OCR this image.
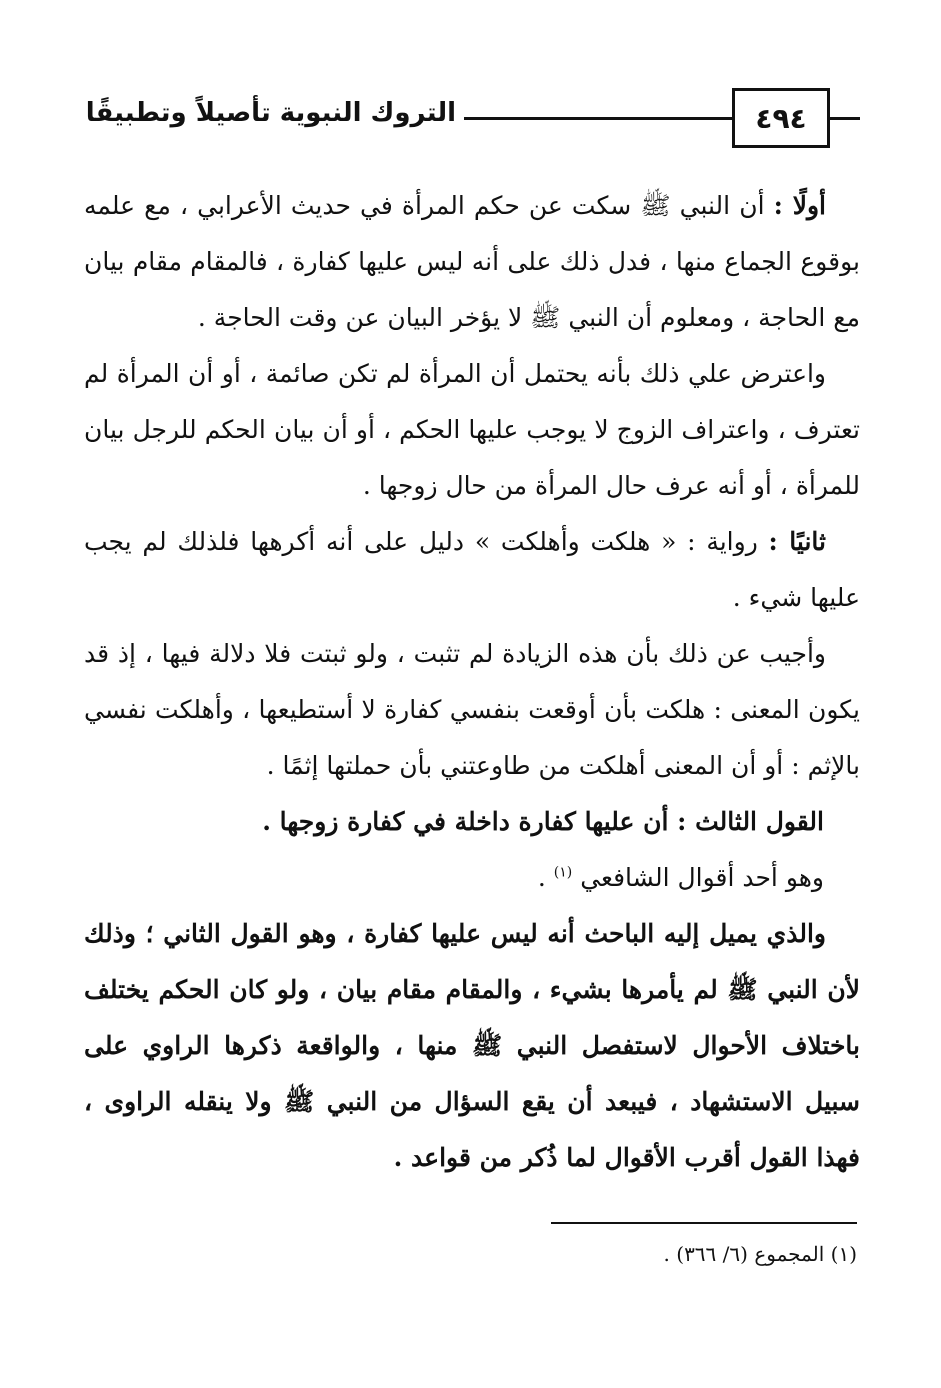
٤٩٤
التروك النبوية تأصيلاً وتطبيقًا

أولًا : أن النبي ﷺ سكت عن حكم المرأة في حديث الأعرابي ، مع علمه بوقوع الجماع منها ، فدل ذلك على أنه ليس عليها كفارة ، فالمقام مقام بيان مع الحاجة ، ومعلوم أن النبي ﷺ لا يؤخر البيان عن وقت الحاجة .

واعترض علي ذلك بأنه يحتمل أن المرأة لم تكن صائمة ، أو أن المرأة لم تعترف ، واعتراف الزوج لا يوجب عليها الحكم ، أو أن بيان الحكم للرجل بيان للمرأة ، أو أنه عرف حال المرأة من حال زوجها .

ثانيًا : رواية : « هلكت وأهلكت » دليل على أنه أكرهها فلذلك لم يجب عليها شيء .

وأجيب عن ذلك بأن هذه الزيادة لم تثبت ، ولو ثبتت فلا دلالة فيها ، إذ قد يكون المعنى : هلكت بأن أوقعت بنفسي كفارة لا أستطيعها ، وأهلكت نفسي بالإثم : أو أن المعنى أهلكت من طاوعتني بأن حملتها إثمًا .

القول الثالث : أن عليها كفارة داخلة في كفارة زوجها .

وهو أحد أقوال الشافعي $^{(١)}$ .

والذي يميل إليه الباحث أنه ليس عليها كفارة ، وهو القول الثاني ؛ وذلك لأن النبي ﷺ لم يأمرها بشيء ، والمقام مقام بيان ، ولو كان الحكم يختلف باختلاف الأحوال لاستفصل النبي ﷺ منها ، والواقعة ذكرها الراوي على سبيل الاستشهاد ، فيبعد أن يقع السؤال من النبي ﷺ ولا ينقله الراوى ، فهذا القول أقرب الأقوال لما ذُكر من قواعد .

(١) المجموع (٦/ ٣٦٦) .
